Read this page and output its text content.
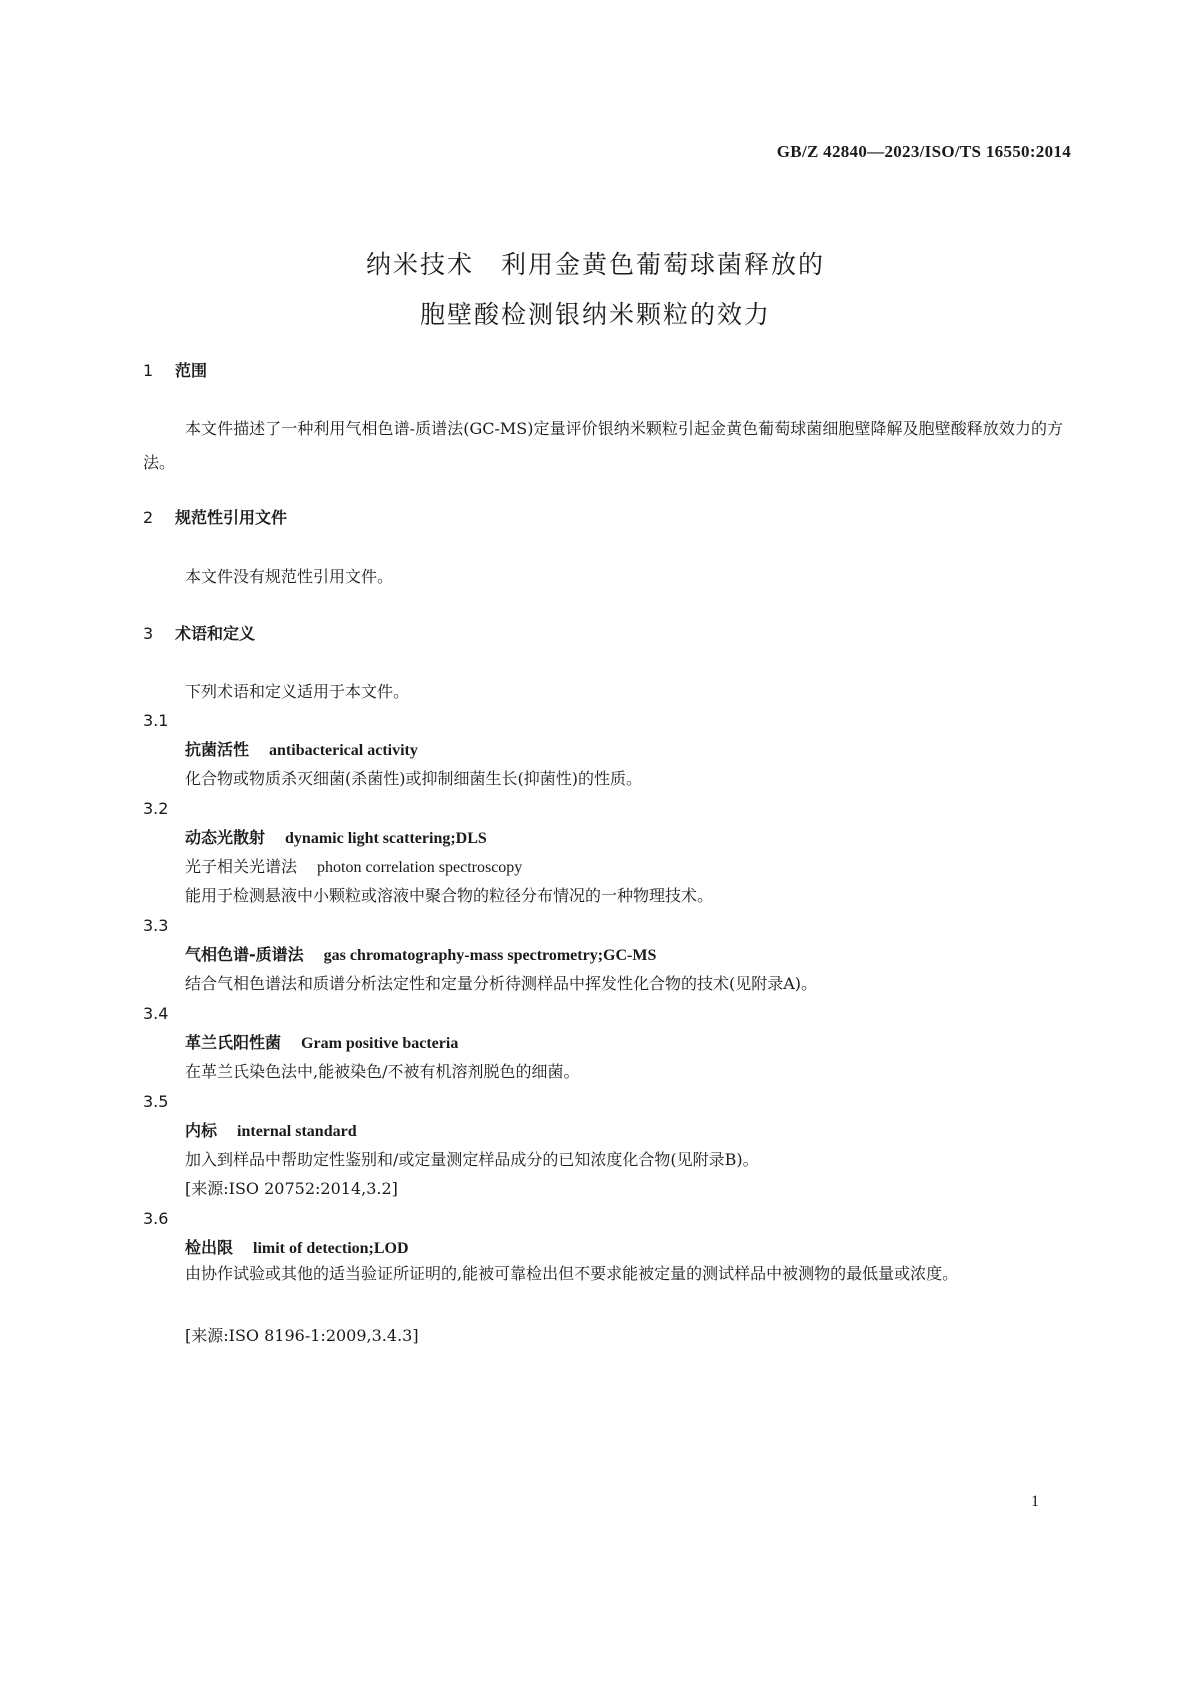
GB/Z 42840—2023/ISO/TS 16550:2014
纳米技术　利用金黄色葡萄球菌释放的
胞壁酸检测银纳米颗粒的效力
1 范围
本文件描述了一种利用气相色谱-质谱法(GC-MS)定量评价银纳米颗粒引起金黄色葡萄球菌细胞壁降解及胞壁酸释放效力的方法。
2 规范性引用文件
本文件没有规范性引用文件。
3 术语和定义
下列术语和定义适用于本文件。
3.1
抗菌活性 antibacterical activity
化合物或物质杀灭细菌(杀菌性)或抑制细菌生长(抑菌性)的性质。
3.2
动态光散射 dynamic light scattering;DLS
光子相关光谱法 photon correlation spectroscopy
能用于检测悬液中小颗粒或溶液中聚合物的粒径分布情况的一种物理技术。
3.3
气相色谱-质谱法 gas chromatography-mass spectrometry;GC-MS
结合气相色谱法和质谱分析法定性和定量分析待测样品中挥发性化合物的技术(见附录A)。
3.4
革兰氏阳性菌 Gram positive bacteria
在革兰氏染色法中,能被染色/不被有机溶剂脱色的细菌。
3.5
内标 internal standard
加入到样品中帮助定性鉴别和/或定量测定样品成分的已知浓度化合物(见附录B)。
[来源:ISO 20752:2014,3.2]
3.6
检出限 limit of detection;LOD
由协作试验或其他的适当验证所证明的,能被可靠检出但不要求能被定量的测试样品中被测物的最低量或浓度。
[来源:ISO 8196-1:2009,3.4.3]
1
